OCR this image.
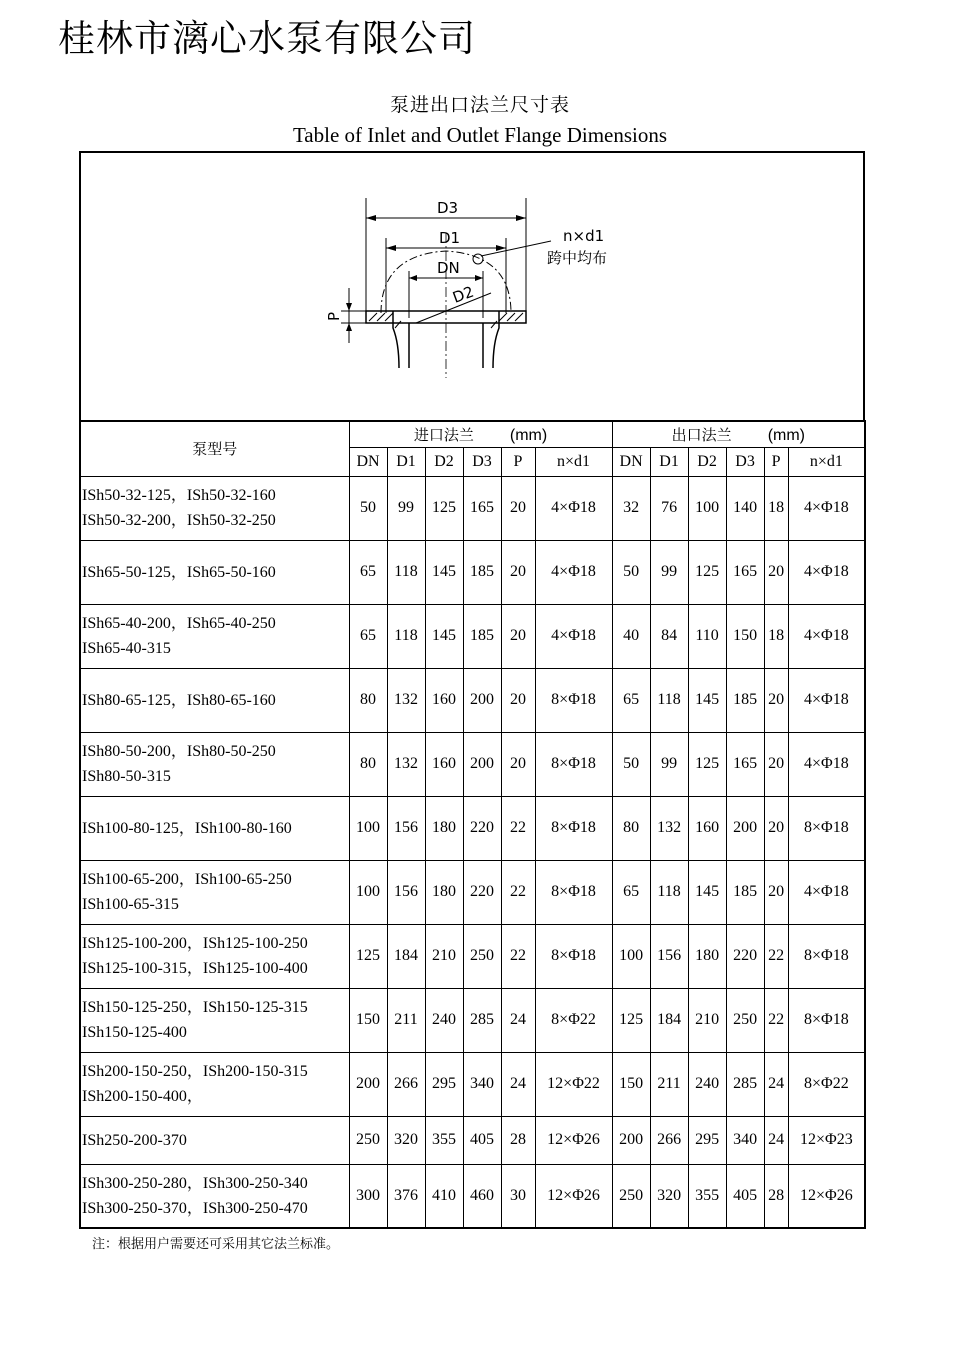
桂林市漓心水泵有限公司
泵进出口法兰尺寸表
Table of Inlet and Outlet Flange Dimensions
D3
D1
DN
n×d1
跨中均布
D2
P
泵型号	进口法兰 (mm)						出口法兰 (mm)					
	DN	D1	D2	D3	P	n×d1	DN	D1	D2	D3	P	n×d1

ISh50-32-125，ISh50-32-160
ISh50-32-200，ISh50-32-250	50	99	125	165	20	4×Φ18	32	76	100	140	18	4×Φ18

ISh65-50-125，ISh65-50-160	65	118	145	185	20	4×Φ18	50	99	125	165	20	4×Φ18

ISh65-40-200，ISh65-40-250
ISh65-40-315	65	118	145	185	20	4×Φ18	40	84	110	150	18	4×Φ18

ISh80-65-125，ISh80-65-160	80	132	160	200	20	8×Φ18	65	118	145	185	20	4×Φ18

ISh80-50-200，ISh80-50-250
ISh80-50-315	80	132	160	200	20	8×Φ18	50	99	125	165	20	4×Φ18

ISh100-80-125，ISh100-80-160	100	156	180	220	22	8×Φ18	80	132	160	200	20	8×Φ18

ISh100-65-200，ISh100-65-250
ISh100-65-315	100	156	180	220	22	8×Φ18	65	118	145	185	20	4×Φ18

ISh125-100-200，ISh125-100-250
ISh125-100-315，ISh125-100-400	125	184	210	250	22	8×Φ18	100	156	180	220	22	8×Φ18

ISh150-125-250，ISh150-125-315
ISh150-125-400	150	211	240	285	24	8×Φ22	125	184	210	250	22	8×Φ18

ISh200-150-250，ISh200-150-315
ISh200-150-400，	200	266	295	340	24	12×Φ22	150	211	240	285	24	8×Φ22

ISh250-200-370	250	320	355	405	28	12×Φ26	200	266	295	340	24	12×Φ23

ISh300-250-280，ISh300-250-340
ISh300-250-370，ISh300-250-470	300	376	410	460	30	12×Φ26	250	320	355	405	28	12×Φ26
注：根据用户需要还可采用其它法兰标准。
